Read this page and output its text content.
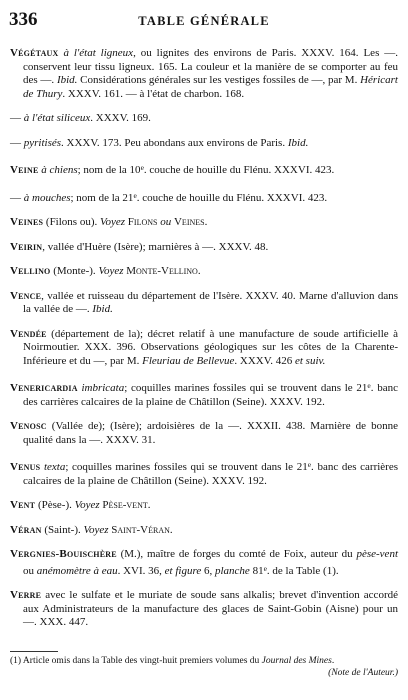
336	TABLE GÉNÉRALE

Végétaux à l'état ligneux, ou lignites des environs de Paris. XXXV. 164. Les —. conservent leur tissu ligneux. 165. La couleur et la manière de se comporter au feu des —. Ibid. Considérations générales sur les vestiges fossiles de —, par M. Héricart de Thury. XXXV. 161. — à l'état de charbon. 168.

— à l'état siliceux. XXXV. 169.

— pyritisés. XXXV. 173. Peu abondans aux environs de Paris. Ibid.

Veine à chiens; nom de la 10e. couche de houille du Flénu. XXXVI. 423.

— à mouches; nom de la 21e. couche de houille du Flénu. XXXVI. 423.

Veines (Filons ou). Voyez Filons ou Veines.

Veirin, vallée d'Huère (Isère); marnières à —. XXXV. 48.

Vellino (Monte-). Voyez Monte-Vellino.

Vence, vallée et ruisseau du département de l'Isère. XXXV. 40. Marne d'alluvion dans la vallée de —. Ibid.

Vendée (département de la); décret relatif à une manufacture de soude artificielle à Noirmoutier. XXX. 396. Observations géologiques sur les côtes de la Charente-Inférieure et du —, par M. Fleuriau de Bellevue. XXXV. 426 et suiv.

Venericardia imbricata; coquilles marines fossiles qui se trouvent dans le 21e. banc des carrières calcaires de la plaine de Châtillon (Seine). XXXV. 192.

Venosc (Vallée de); (Isère); ardoisières de la —. XXXII. 438. Marnière de bonne qualité dans la —. XXXV. 31.

Venus texta; coquilles marines fossiles qui se trouvent dans le 21e. banc des carrières calcaires de la plaine de Châtillon (Seine). XXXV. 192.

Vent (Pèse-). Voyez Pèse-vent.

Véran (Saint-). Voyez Saint-Véran.

Vergnies-Bouischère (M.), maître de forges du comté de Foix, auteur du pèse-vent ou anémomètre à eau. XVI. 36, et figure 6, planche 81e. de la Table (1).

Verre avec le sulfate et le muriate de soude sans alkalis; brevet d'invention accordé aux Administrateurs de la manufacture des glaces de Saint-Gobin (Aisne) pour un —. XXX. 447.

(1) Article omis dans la Table des vingt-huit premiers volumes du Journal des Mines.
(Note de l'Auteur.)
